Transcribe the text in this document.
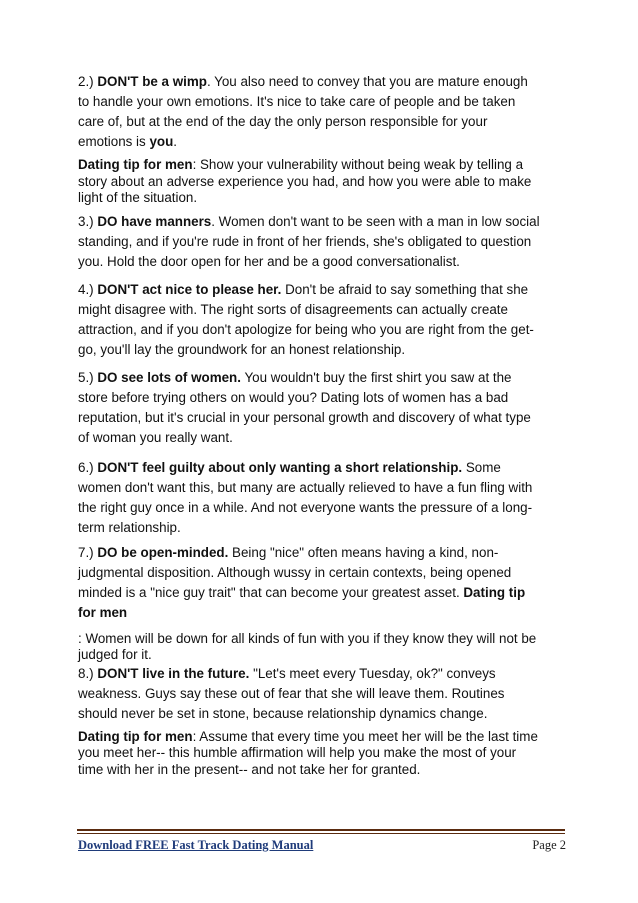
2.) DON'T be a wimp. You also need to convey that you are mature enough
to handle your own emotions. It's nice to take care of people and be taken
care of, but at the end of the day the only person responsible for your
emotions is you.
Dating tip for men: Show your vulnerability without being weak by telling a
story about an adverse experience you had, and how you were able to make
light of the situation.
3.) DO have manners. Women don't want to be seen with a man in low social
standing, and if you're rude in front of her friends, she's obligated to question
you. Hold the door open for her and be a good conversationalist.
4.) DON'T act nice to please her. Don't be afraid to say something that she
might disagree with. The right sorts of disagreements can actually create
attraction, and if you don't apologize for being who you are right from the get-
go, you'll lay the groundwork for an honest relationship.
5.) DO see lots of women. You wouldn't buy the first shirt you saw at the
store before trying others on would you? Dating lots of women has a bad
reputation, but it's crucial in your personal growth and discovery of what type
of woman you really want.
6.) DON'T feel guilty about only wanting a short relationship. Some
women don't want this, but many are actually relieved to have a fun fling with
the right guy once in a while. And not everyone wants the pressure of a long-
term relationship.
7.) DO be open-minded. Being "nice" often means having a kind, non-
judgmental disposition. Although wussy in certain contexts, being opened
minded is a "nice guy trait" that can become your greatest asset. Dating tip
for men
: Women will be down for all kinds of fun with you if they know they will not be
judged for it.
8.) DON'T live in the future. "Let's meet every Tuesday, ok?" conveys
weakness. Guys say these out of fear that she will leave them. Routines
should never be set in stone, because relationship dynamics change.
Dating tip for men: Assume that every time you meet her will be the last time
you meet her-- this humble affirmation will help you make the most of your
time with her in the present-- and not take her for granted.
Download FREE Fast Track Dating Manual	Page 2
